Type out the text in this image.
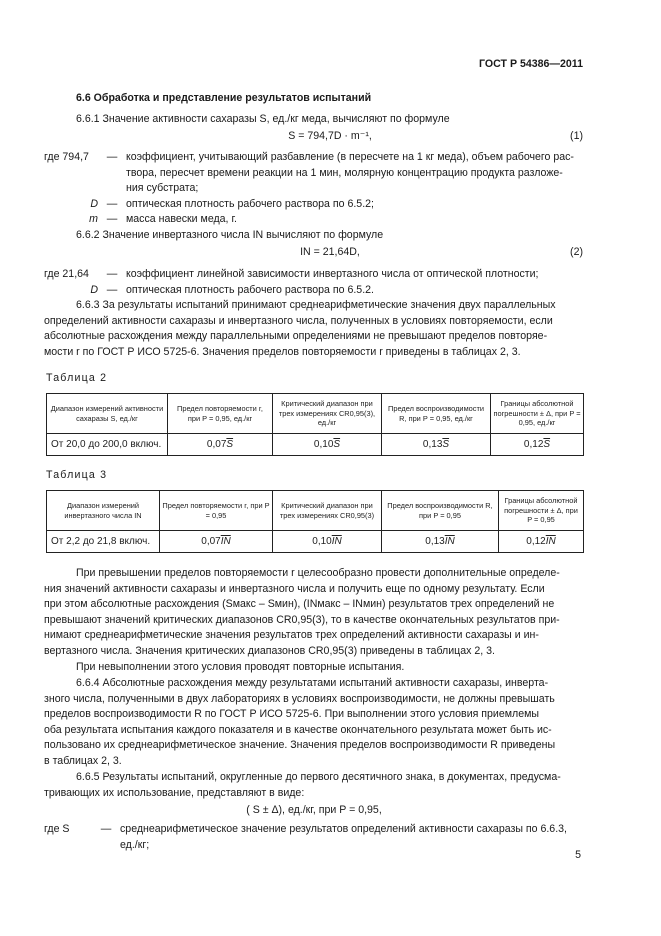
ГОСТ Р 54386—2011
6.6 Обработка и представление результатов испытаний
6.6.1 Значение активности сахаразы S, ед./кг меда, вычисляют по формуле
S = 794,7D · m⁻¹,	(1)
где 794,7	— коэффициент, учитывающий разбавление (в пересчете на 1 кг меда), объем рабочего рас-
твора, пересчет времени реакции на 1 мин, молярную концентрацию продукта разложе-
ния субстрата;
D — оптическая плотность рабочего раствора по 6.5.2;
m — масса навески меда, г.
6.6.2 Значение инвертазного числа IN вычисляют по формуле
IN = 21,64D,	(2)
где 21,64	— коэффициент линейной зависимости инвертазного числа от оптической плотности;
D — оптическая плотность рабочего раствора по 6.5.2.
6.6.3 За результаты испытаний принимают среднеарифметические значения двух параллельных
определений активности сахаразы и инвертазного числа, полученных в условиях повторяемости, если
абсолютные расхождения между параллельными определениями не превышают пределов повторяе-
мости r по ГОСТ Р ИСО 5725-6. Значения пределов повторяемости r приведены в таблицах 2, 3.
Таблица 2
Диапазон измерений активности сахаразы S, ед./кг	Предел повторяемости r, при P = 0,95, ед./кг	Критический диапазон при трех измерениях CR0,95(3), ед./кг	Предел воспроизводимости R, при P = 0,95, ед./кг	Границы абсолютной погрешности ± Δ, при P = 0,95, ед./кг
От 20,0 до 200,0 включ.	$0,07\overline{S}$	$0,10\overline{S}$	$0,13\overline{S}$	$0,12\overline{S}$
Таблица 3
Диапазон измерений инвертазного числа IN	Предел повторяемости r, при P = 0,95	Критический диапазон при трех измерениях CR0,95(3)	Предел воспроизводимости R, при P = 0,95	Границы абсолютной погрешности ± Δ, при P = 0,95
От 2,2 до 21,8 включ.	$0,07\overline{IN}$	$0,10\overline{IN}$	$0,13\overline{IN}$	$0,12\overline{IN}$
При превышении пределов повторяемости r целесообразно провести дополнительные определе-
ния значений активности сахаразы и инвертазного числа и получить еще по одному результату. Если
при этом абсолютные расхождения (Sмакс – Sмин), (INмакс – INмин) результатов трех определений не
превышают значений критических диапазонов CR0,95(3), то в качестве окончательных результатов при-
нимают среднеарифметические значения результатов трех определений активности сахаразы и ин-
вертазного числа. Значения критических диапазонов CR0,95(3) приведены в таблицах 2, 3.
При невыполнении этого условия проводят повторные испытания.
6.6.4 Абсолютные расхождения между результатами испытаний активности сахаразы, инверта-
зного числа, полученными в двух лабораториях в условиях воспроизводимости, не должны превышать
пределов воспроизводимости R по ГОСТ Р ИСО 5725-6. При выполнении этого условия приемлемы
оба результата испытания каждого показателя и в качестве окончательного результата может быть ис-
пользовано их среднеарифметическое значение. Значения пределов воспроизводимости R приведены
в таблицах 2, 3.
6.6.5 Результаты испытаний, округленные до первого десятичного знака, в документах, предусма-
тривающих их использование, представляют в виде:
( S ± Δ), ед./кг, при P = 0,95,
где S	— среднеарифметическое значение результатов определений активности сахаразы по 6.6.3,
ед./кг;
5
